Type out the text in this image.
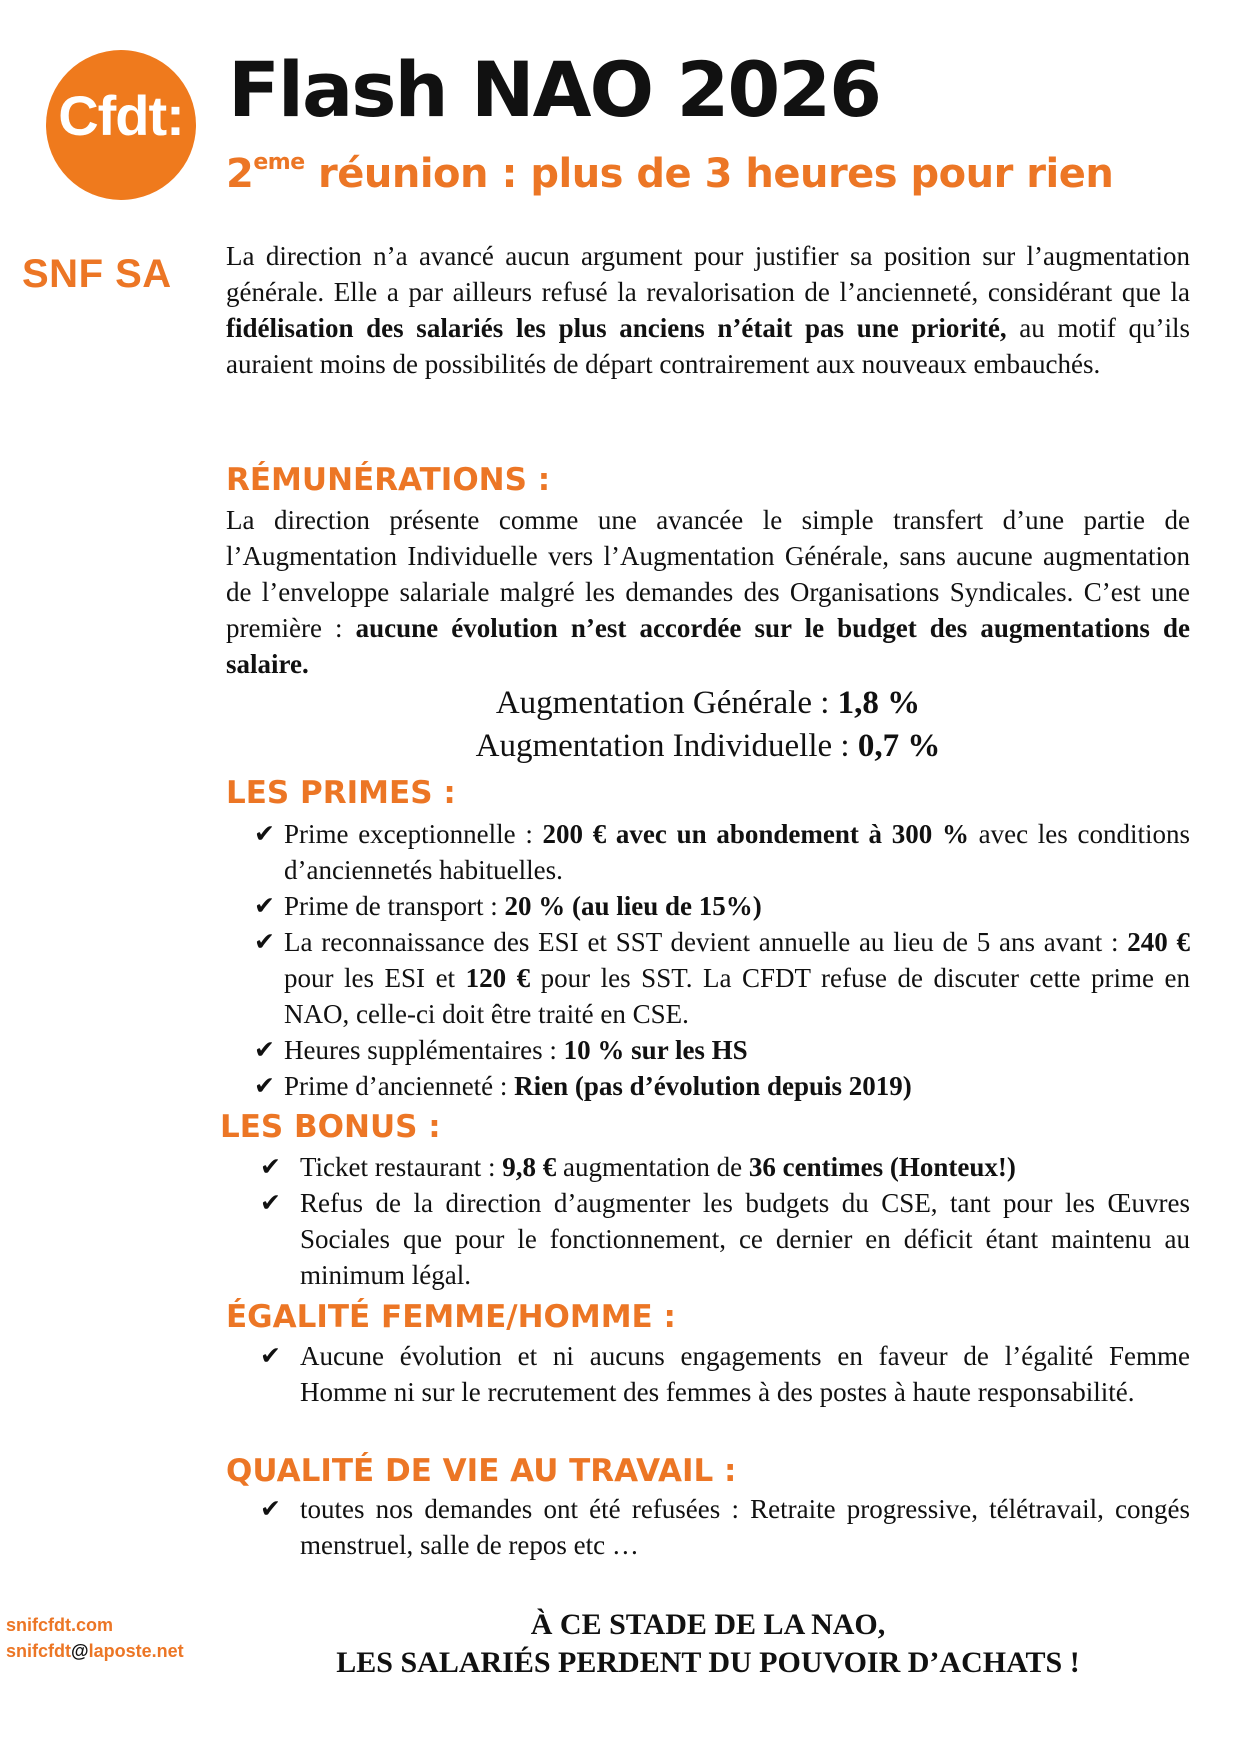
Cfdt:
SNF SA
Flash NAO 2026
2eme réunion : plus de 3 heures pour rien

La direction n’a avancé aucun argument pour justifier sa position sur l’augmentation générale. Elle a par ailleurs refusé la revalorisation de l’ancienneté, considérant que la fidélisation des salariés les plus anciens n’était pas une priorité, au motif qu’ils auraient moins de possibilités de départ contrairement aux nouveaux embauchés.

RÉMUNÉRATIONS :

La direction présente comme une avancée le simple transfert d’une partie de l’Augmentation Individuelle vers l’Augmentation Générale, sans aucune augmentation de l’enveloppe salariale malgré les demandes des Organisations Syndicales. C’est une première : aucune évolution n’est accordée sur le budget des augmentations de salaire.

Augmentation Générale : 1,8 %
Augmentation Individuelle : 0,7 %
LES PRIMES :
✔ Prime exceptionnelle : 200 € avec un abondement à 300 % avec les conditions d’anciennetés habituelles.
✔ Prime de transport : 20 % (au lieu de 15%)
✔ La reconnaissance des ESI et SST devient annuelle au lieu de 5 ans avant : 240 € pour les ESI et 120 € pour les SST. La CFDT refuse de discuter cette prime en NAO, celle-ci doit être traité en CSE.
✔ Heures supplémentaires : 10 % sur les HS
✔ Prime d’ancienneté : Rien (pas d’évolution depuis 2019)
LES BONUS :
✔ Ticket restaurant : 9,8 € augmentation de 36 centimes (Honteux!)
✔ Refus de la direction d’augmenter les budgets du CSE, tant pour les Œuvres Sociales que pour le fonctionnement, ce dernier en déficit étant maintenu au minimum légal.
ÉGALITÉ FEMME/HOMME :
✔ Aucune évolution et ni aucuns engagements en faveur de l’égalité Femme Homme ni sur le recrutement des femmes à des postes à haute responsabilité.
QUALITÉ DE VIE AU TRAVAIL :
✔ toutes nos demandes ont été refusées : Retraite progressive, télétravail, congés menstruel, salle de repos etc …
snifcfdt.com
snifcfdt@laposte.net
À CE STADE DE LA NAO,
LES SALARIÉS PERDENT DU POUVOIR D’ACHATS !
